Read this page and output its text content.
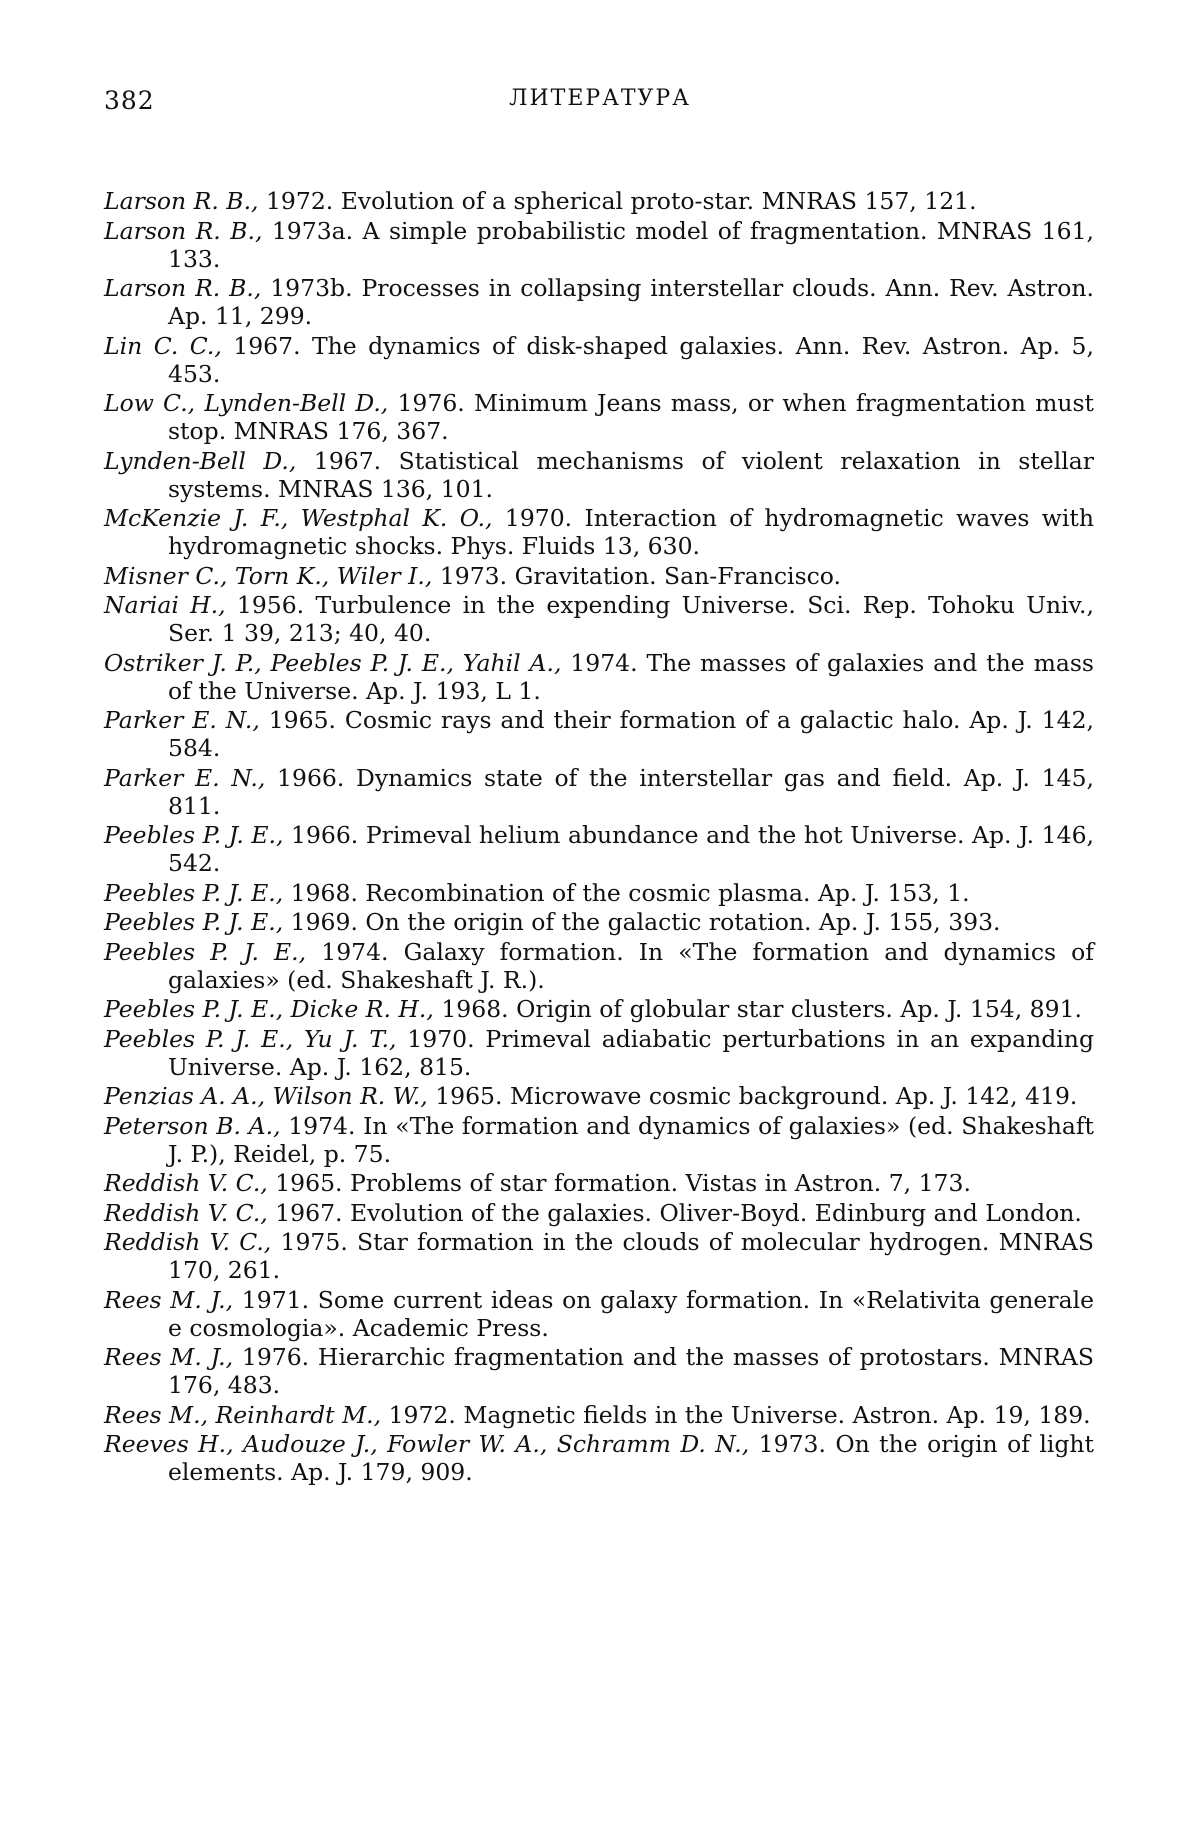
382	ЛИТЕРАТУРА
Larson R. B., 1972. Evolution of a spherical proto-star. MNRAS 157, 121.
Larson R. B., 1973a. A simple probabilistic model of fragmentation. MNRAS 161, 133.
Larson R. B., 1973b. Processes in collapsing interstellar clouds. Ann. Rev. Astron. Ap. 11, 299.
Lin C. C., 1967. The dynamics of disk-shaped galaxies. Ann. Rev. Astron. Ap. 5, 453.
Low C., Lynden-Bell D., 1976. Minimum Jeans mass, or when fragmentation must stop. MNRAS 176, 367.
Lynden-Bell D., 1967. Statistical mechanisms of violent relaxation in stellar systems. MNRAS 136, 101.
McKenzie J. F., Westphal K. O., 1970. Interaction of hydromagnetic waves with hydromagnetic shocks. Phys. Fluids 13, 630.
Misner C., Torn K., Wiler I., 1973. Gravitation. San-Francisco.
Nariai H., 1956. Turbulence in the expending Universe. Sci. Rep. Tohoku Univ., Ser. 1 39, 213; 40, 40.
Ostriker J. P., Peebles P. J. E., Yahil A., 1974. The masses of galaxies and the mass of the Universe. Ap. J. 193, L 1.
Parker E. N., 1965. Cosmic rays and their formation of a galactic halo. Ap. J. 142, 584.
Parker E. N., 1966. Dynamics state of the interstellar gas and field. Ap. J. 145, 811.
Peebles P. J. E., 1966. Primeval helium abundance and the hot Universe. Ap. J. 146, 542.
Peebles P. J. E., 1968. Recombination of the cosmic plasma. Ap. J. 153, 1.
Peebles P. J. E., 1969. On the origin of the galactic rotation. Ap. J. 155, 393.
Peebles P. J. E., 1974. Galaxy formation. In «The formation and dynamics of galaxies» (ed. Shakeshaft J. R.).
Peebles P. J. E., Dicke R. H., 1968. Origin of globular star clusters. Ap. J. 154, 891.
Peebles P. J. E., Yu J. T., 1970. Primeval adiabatic perturbations in an expanding Universe. Ap. J. 162, 815.
Penzias A. A., Wilson R. W., 1965. Microwave cosmic background. Ap. J. 142, 419.
Peterson B. A., 1974. In «The formation and dynamics of galaxies» (ed. Shakeshaft J. P.), Reidel, p. 75.
Reddish V. C., 1965. Problems of star formation. Vistas in Astron. 7, 173.
Reddish V. C., 1967. Evolution of the galaxies. Oliver-Boyd. Edinburg and London.
Reddish V. C., 1975. Star formation in the clouds of molecular hydrogen. MNRAS 170, 261.
Rees M. J., 1971. Some current ideas on galaxy formation. In «Relativita generale e cosmologia». Academic Press.
Rees M. J., 1976. Hierarchic fragmentation and the masses of protostars. MNRAS 176, 483.
Rees M., Reinhardt M., 1972. Magnetic fields in the Universe. Astron. Ap. 19, 189.
Reeves H., Audouze J., Fowler W. A., Schramm D. N., 1973. On the origin of light elements. Ap. J. 179, 909.
